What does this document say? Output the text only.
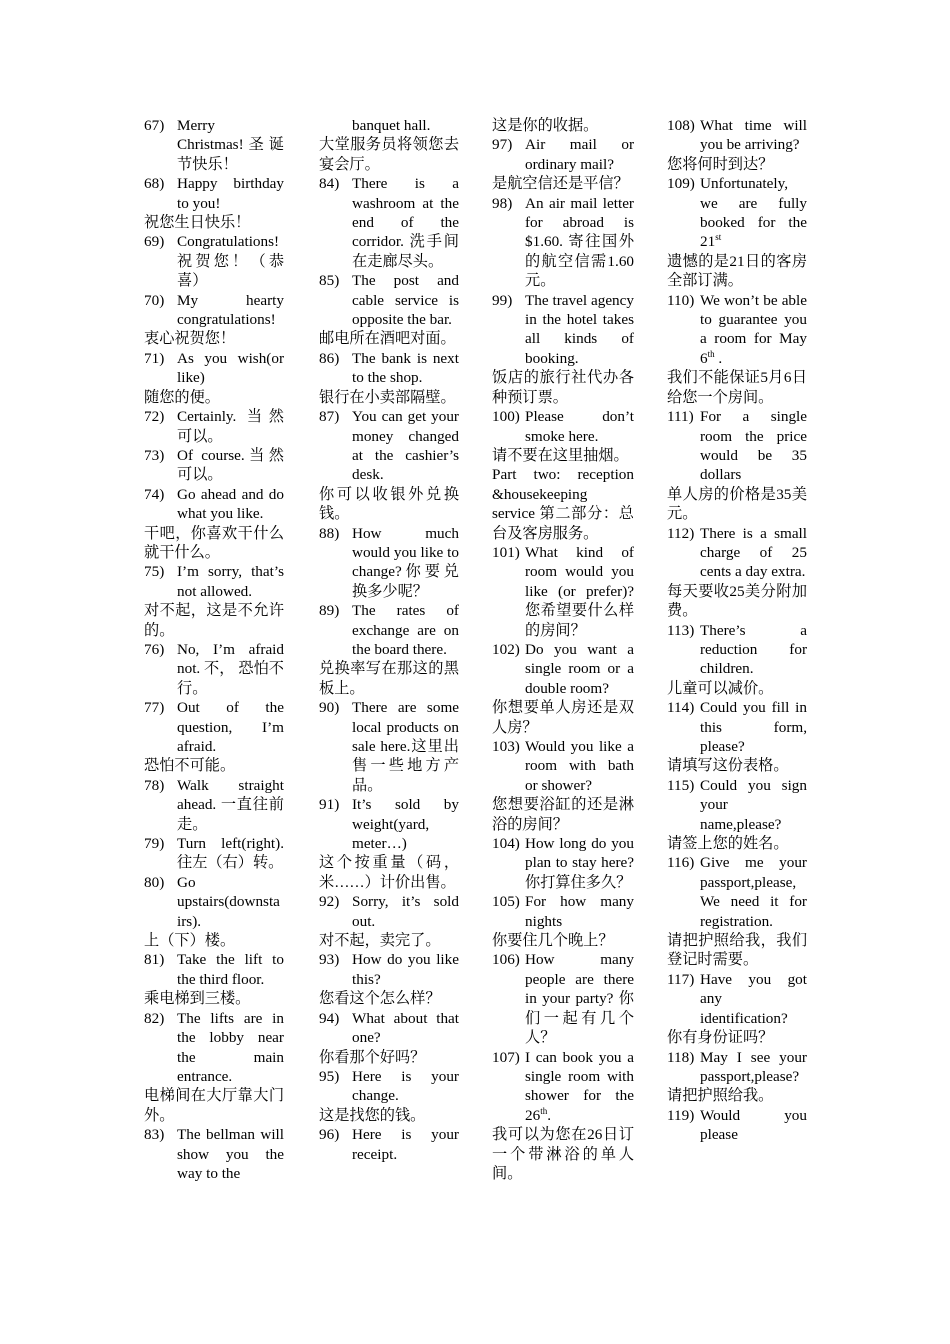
67) Merry Christmas!圣诞节快乐！
68) Happy birthday to you!
祝您生日快乐！
69) Congratulations!祝贺您！（恭喜）
70) My hearty congratulations!
衷心祝贺您！
71) As you wish(or like)
随您的便。
72) Certainly. 当然可以。
73) Of course.当然可以。
74) Go ahead and do what you like.
干吧，你喜欢干什么就干什么。
75) I’m sorry, that’s not allowed.
对不起，这是不允许的。
76) No, I’m afraid not. 不， 恐怕不行。
77) Out of the question, I’m afraid.
恐怕不可能。
78) Walk straight ahead. 一直往前走。
79) Turn left(right). 往左（右）转。
80) Go upstairs(downstairs).
上（下）楼。
81) Take the lift to the third floor.
乘电梯到三楼。
82) The lifts are in the lobby near the main entrance.
电梯间在大厅靠大门外。
83) The bellman will show you the way to the
banquet hall.
大堂服务员将领您去宴会厅。
84) There is a washroom at the end of the corridor. 洗手间在走廊尽头。
85) The post and cable service is opposite the bar.
邮电所在酒吧对面。
86) The bank is next to the shop.
银行在小卖部隔壁。
87) You can get your money changed at the cashier’s desk.
你可以收银外兑换钱。
88) How much would you like to change?你要兑换多少呢？
89) The rates of exchange are on the board there.
兑换率写在那这的黑板上。
90) There are some local products on sale here.这里出售一些地方产品。
91) It’s sold by weight(yard, meter…)
这个按重量（码，米……）计价出售。
92) Sorry, it’s sold out.
对不起，卖完了。
93) How do you like this?
您看这个怎么样？
94) What about that one?
你看那个好吗？
95) Here is your change.
这是找您的钱。
96) Here is your receipt.
这是你的收据。
97) Air mail or ordinary mail?
是航空信还是平信？
98) An air mail letter for abroad is $1.60. 寄往国外的航空信需1.60元。
99) The travel agency in the hotel takes all kinds of booking.
饭店的旅行社代办各种预订票。
100) Please don’t smoke here.
请不要在这里抽烟。
Part two: reception &housekeeping service 第二部分：总台及客房服务。
101) What kind of room would you like (or prefer)? 您希望要什么样的房间？
102) Do you want a single room or a double room?
你想要单人房还是双人房？
103) Would you like a room with bath or shower?
您想要浴缸的还是淋浴的房间？
104) How long do you plan to stay here?你打算住多久？
105) For how many nights
你要住几个晚上？
106) How many people are there in your party? 你们一起有几个人？
107) I can book you a single room with shower for the 26th.
我可以为您在26日订一个带淋浴的单人间。
108) What time will you be arriving?
您将何时到达？
109) Unfortunately, we are fully booked for the 21st
遗憾的是21日的客房全部订满。
110) We won’t be able to guarantee you a room for May 6th .
我们不能保证5月6日给您一个房间。
111) For a single room the price would be 35 dollars
单人房的价格是35美元。
112) There is a small charge of 25 cents a day extra.
每天要收25美分附加费。
113) There’s a reduction for children.
儿童可以减价。
114) Could you fill in this form, please?
请填写这份表格。
115) Could you sign your name,please?
请签上您的姓名。
116) Give me your passport,please, We need it for registration.
请把护照给我，我们登记时需要。
117) Have you got any identification?
你有身份证吗？
118) May I see your passport,please?
请把护照给我。
119) Would you please
